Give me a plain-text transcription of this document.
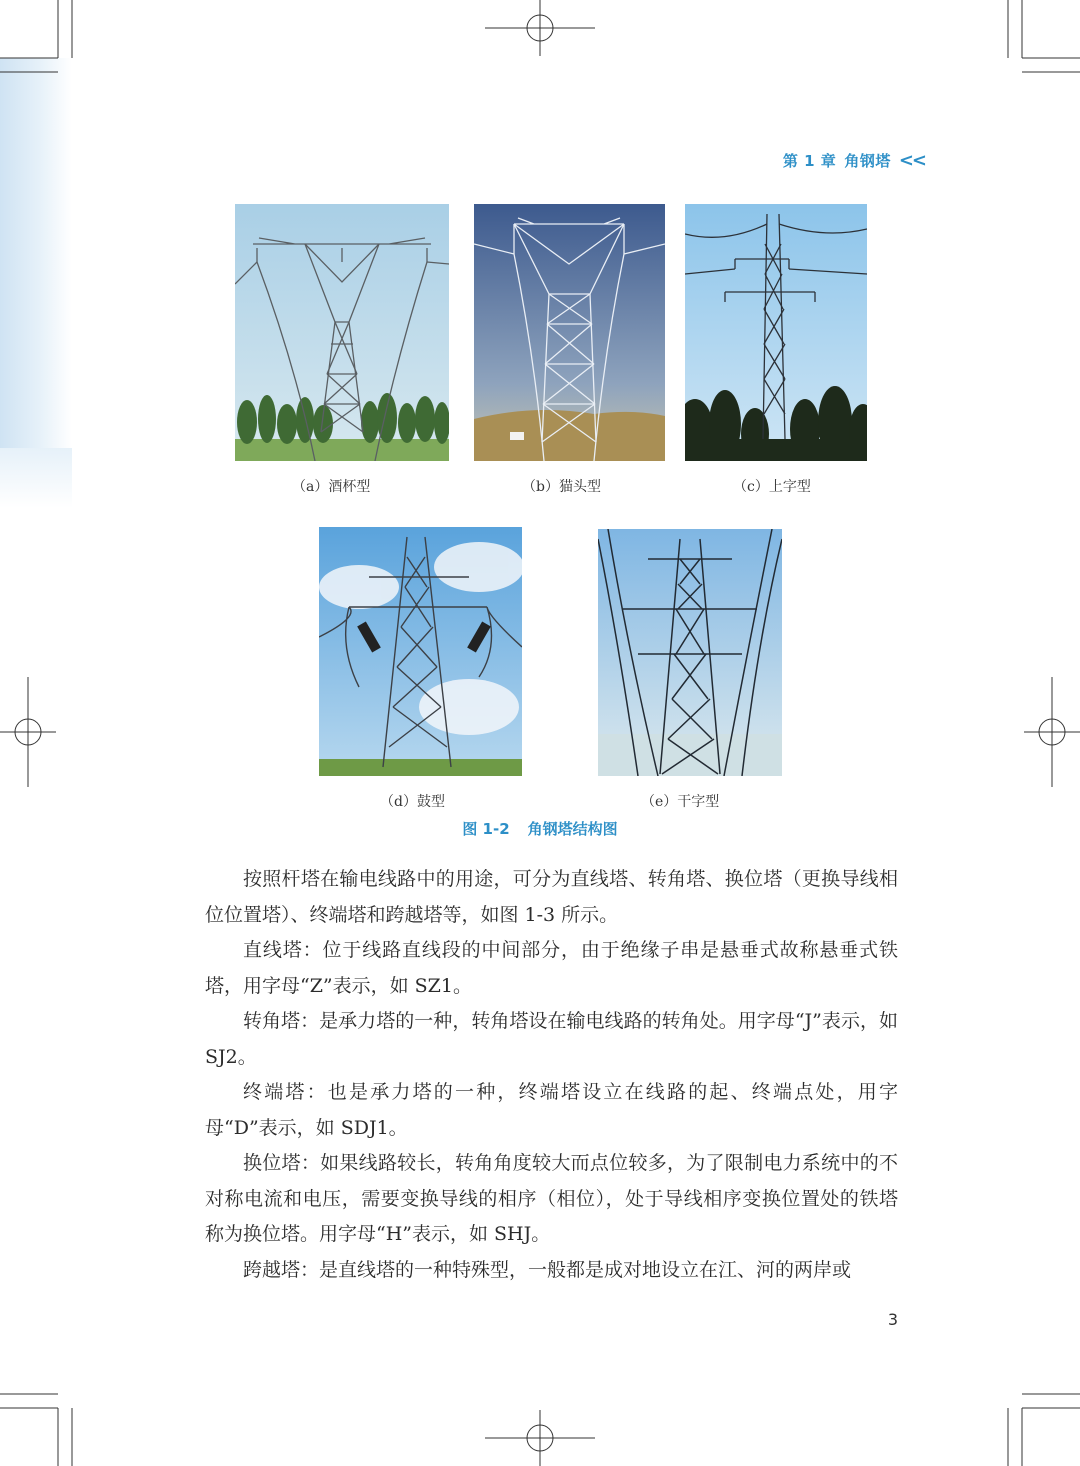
第 1 章 角钢塔 <<
（a）酒杯型	（b）猫头型	（c）上字型
（d）鼓型	（e）干字型
图 1-2 角钢塔结构图

按照杆塔在输电线路中的用途，可分为直线塔、转角塔、换位塔（更换导线相位位置塔）、终端塔和跨越塔等，如图 1-3 所示。

直线塔：位于线路直线段的中间部分，由于绝缘子串是悬垂式故称悬垂式铁塔，用字母“Z”表示，如 SZ1。

转角塔：是承力塔的一种，转角塔设在输电线路的转角处。用字母“J”表示，如 SJ2。

终端塔：也是承力塔的一种，终端塔设立在线路的起、终端点处，用字母“D”表示，如 SDJ1。

换位塔：如果线路较长，转角角度较大而点位较多，为了限制电力系统中的不对称电流和电压，需要变换导线的相序（相位），处于导线相序变换位置处的铁塔称为换位塔。用字母“H”表示，如 SHJ。

跨越塔：是直线塔的一种特殊型，一般都是成对地设立在江、河的两岸或

3
